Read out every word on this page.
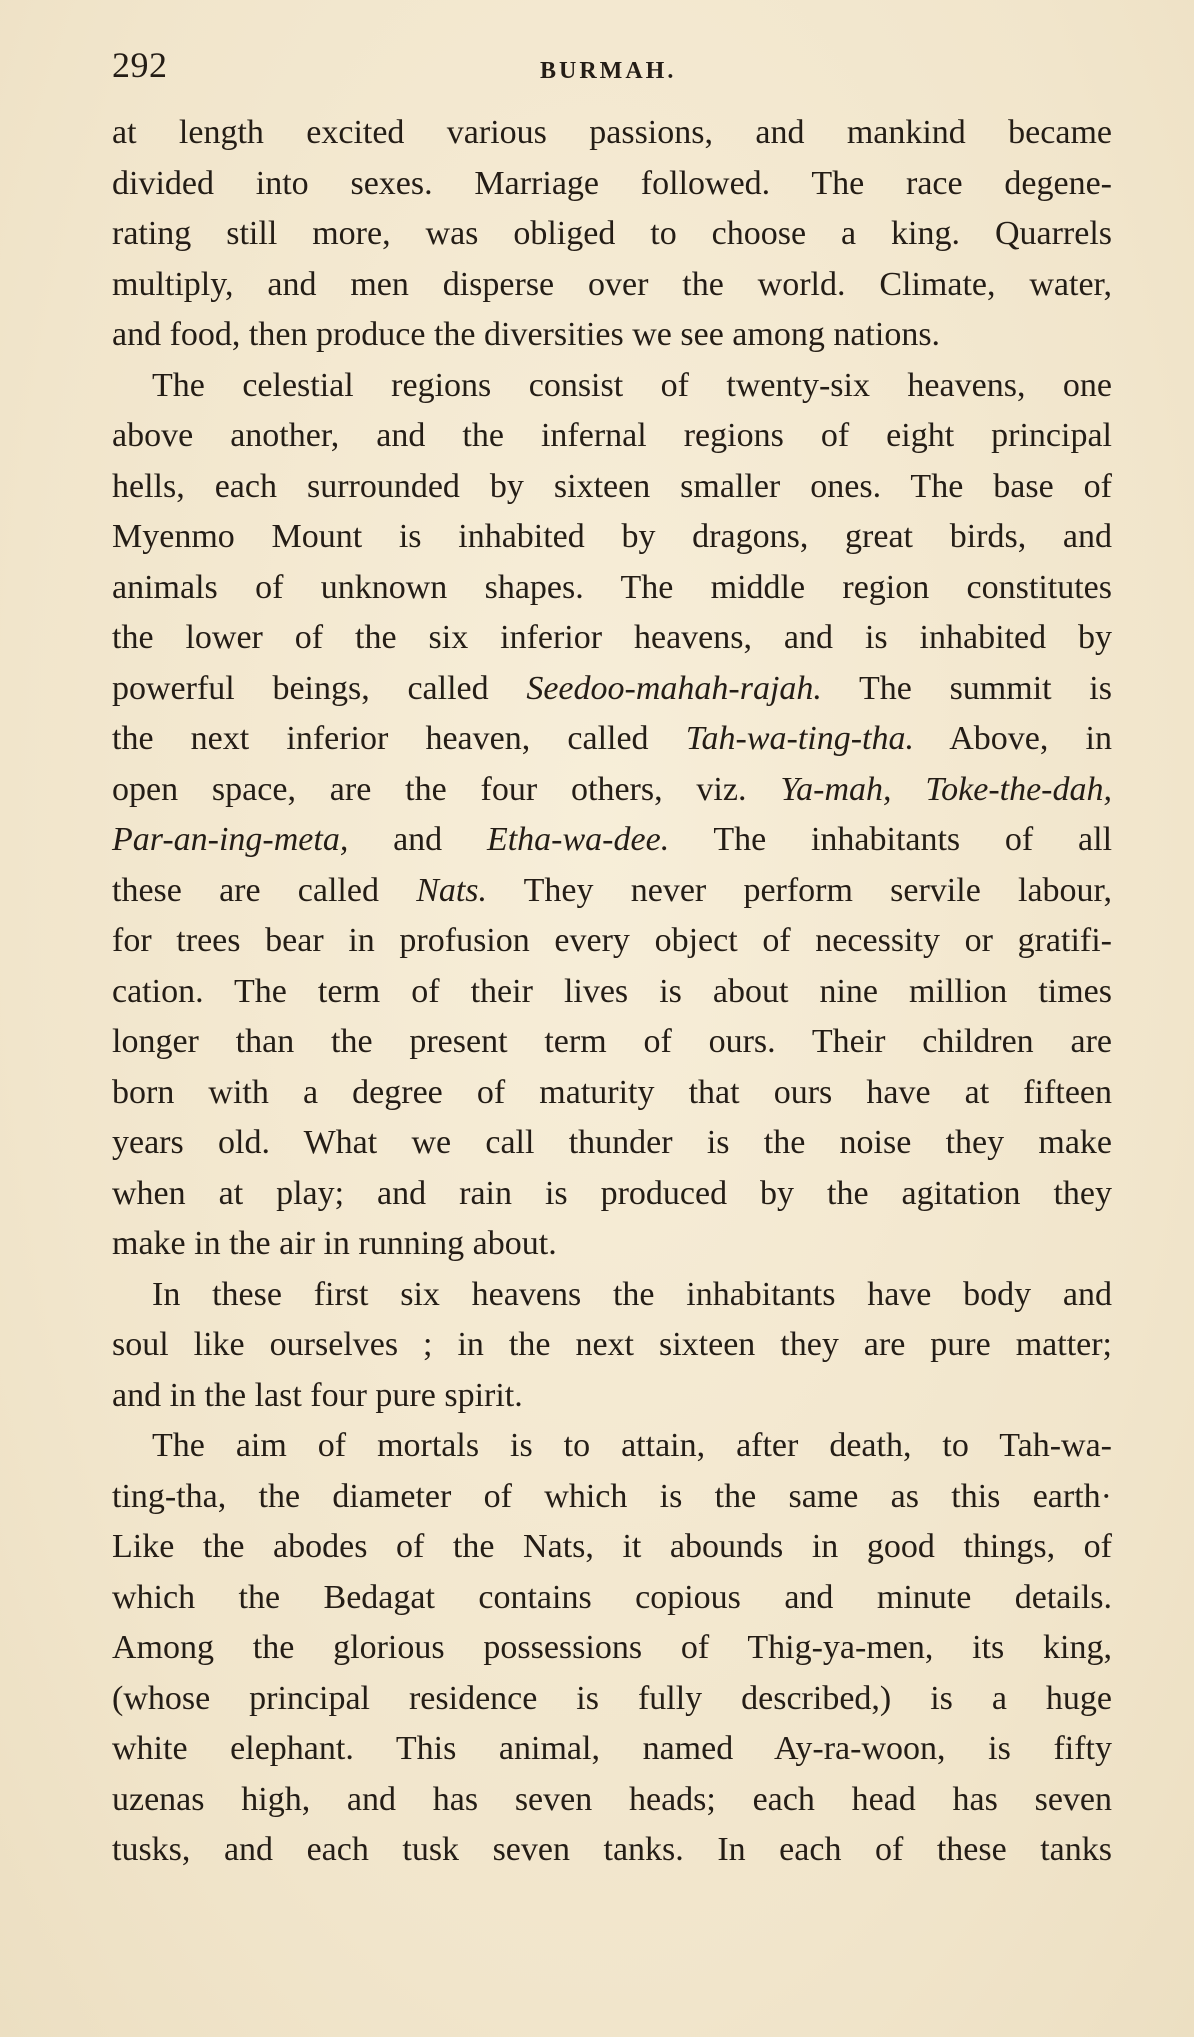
292	BURMAH.
at length excited various passions, and mankind became
divided into sexes. Marriage followed. The race degene-
rating still more, was obliged to choose a king. Quarrels
multiply, and men disperse over the world. Climate, water,
and food, then produce the diversities we see among nations.
The celestial regions consist of twenty-six heavens, one
above another, and the infernal regions of eight principal
hells, each surrounded by sixteen smaller ones. The base of
Myenmo Mount is inhabited by dragons, great birds, and
animals of unknown shapes. The middle region constitutes
the lower of the six inferior heavens, and is inhabited by
powerful beings, called Seedoo-mahah-rajah. The summit is
the next inferior heaven, called Tah-wa-ting-tha. Above, in
open space, are the four others, viz. Ya-mah, Toke-the-dah,
Par-an-ing-meta, and Etha-wa-dee. The inhabitants of all
these are called Nats. They never perform servile labour,
for trees bear in profusion every object of necessity or gratifi-
cation. The term of their lives is about nine million times
longer than the present term of ours. Their children are
born with a degree of maturity that ours have at fifteen
years old. What we call thunder is the noise they make
when at play; and rain is produced by the agitation they
make in the air in running about.
In these first six heavens the inhabitants have body and
soul like ourselves ; in the next sixteen they are pure matter;
and in the last four pure spirit.
The aim of mortals is to attain, after death, to Tah-wa-
ting-tha, the diameter of which is the same as this earth·
Like the abodes of the Nats, it abounds in good things, of
which the Bedagat contains copious and minute details.
Among the glorious possessions of Thig-ya-men, its king,
(whose principal residence is fully described,) is a huge
white elephant. This animal, named Ay-ra-woon, is fifty
uzenas high, and has seven heads; each head has seven
tusks, and each tusk seven tanks. In each of these tanks
